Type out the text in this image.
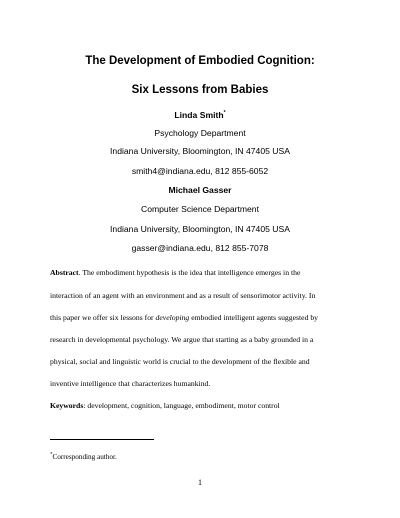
The Development of Embodied Cognition:
Six Lessons from Babies
Linda Smith*
Psychology Department
Indiana University, Bloomington, IN 47405 USA
smith4@indiana.edu, 812 855-6052
Michael Gasser
Computer Science Department
Indiana University, Bloomington, IN 47405 USA
gasser@indiana.edu, 812 855-7078
Abstract. The embodiment hypothesis is the idea that intelligence emerges in the
interaction of an agent with an environment and as a result of sensorimotor activity. In
this paper we offer six lessons for developing embodied intelligent agents suggested by
research in developmental psychology. We argue that starting as a baby grounded in a
physical, social and linguistic world is crucial to the development of the flexible and
inventive intelligence that characterizes humankind.
Keywords: development, cognition, language, embodiment, motor control
*Corresponding author.
1
